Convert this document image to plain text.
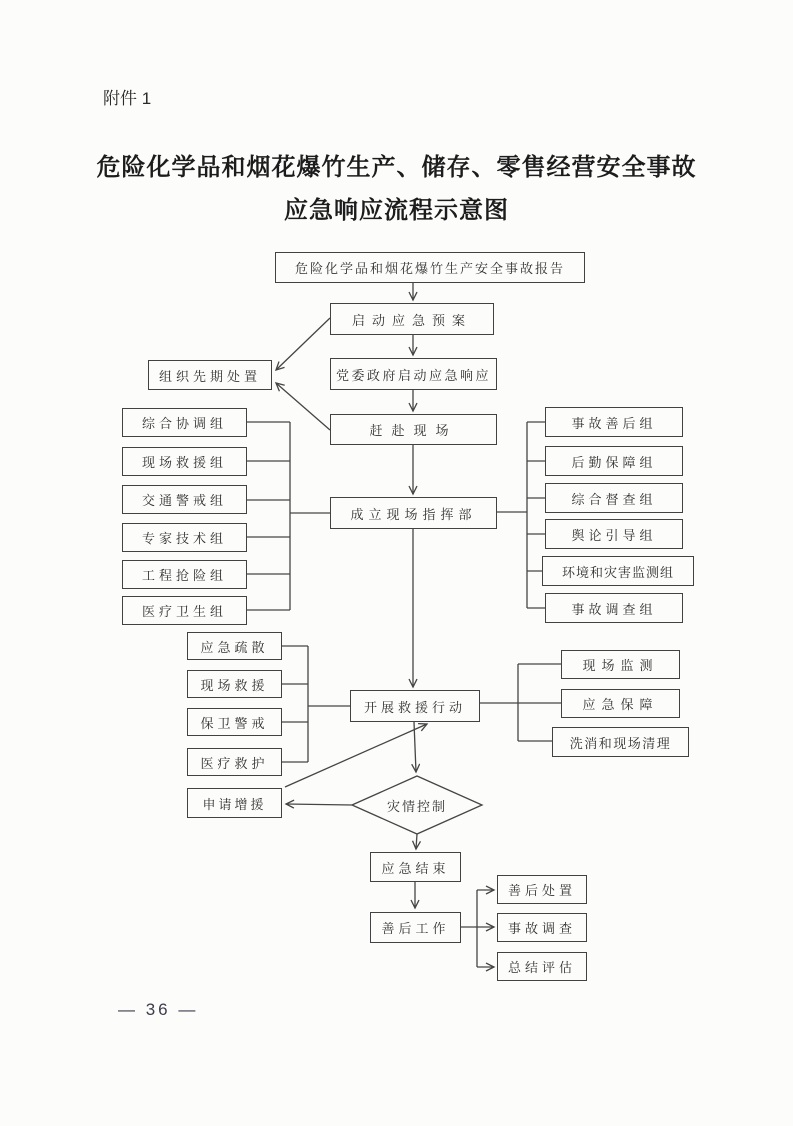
附件 1
危险化学品和烟花爆竹生产、储存、零售经营安全事故
应急响应流程示意图
危险化学品和烟花爆竹生产安全事故报告
启动应急预案
党委政府启动应急响应
赶赴现场
组织先期处置
成立现场指挥部
综合协调组
现场救援组
交通警戒组
专家技术组
工程抢险组
医疗卫生组
事故善后组
后勤保障组
综合督查组
舆论引导组
环境和灾害监测组
事故调查组
应急疏散
现场救援
保卫警戒
医疗救护
开展救援行动
现场监测
应急保障
洗消和现场清理
申请增援	灾情控制
应急结束
善后工作
善后处置
事故调查
总结评估
— 36 —
